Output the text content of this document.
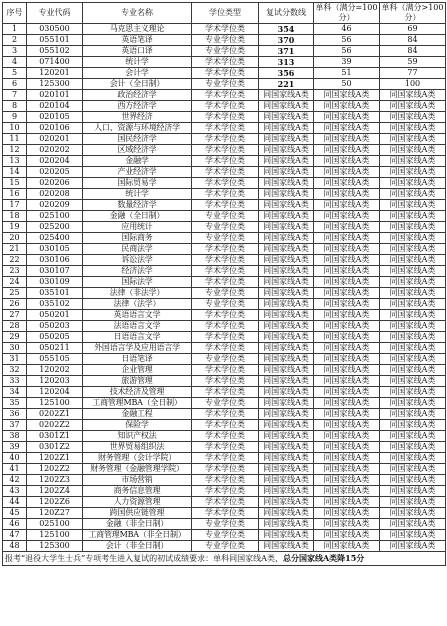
序号	专业代码	专业名称	学位类型	复试分数线	单科（满分=100分）	单科（满分>100分）
1	030500	马克思主义理论	学术学位类	354	46	69
2	055101	英语笔译	专业学位类	370	56	84
3	055102	英语口译	专业学位类	371	56	84
4	071400	统计学	学术学位类	313	39	59
5	120201	会计学	学术学位类	356	51	77
6	125300	会计（全日制）	专业学位类	221	50	100
7	020101	政治经济学	学术学位类	同国家线A类	同国家线A类	同国家线A类
8	020104	西方经济学	学术学位类	同国家线A类	同国家线A类	同国家线A类
9	020105	世界经济	学术学位类	同国家线A类	同国家线A类	同国家线A类
10	020106	人口、资源与环境经济学	学术学位类	同国家线A类	同国家线A类	同国家线A类
11	020201	国民经济学	学术学位类	同国家线A类	同国家线A类	同国家线A类
12	020202	区域经济学	学术学位类	同国家线A类	同国家线A类	同国家线A类
13	020204	金融学	学术学位类	同国家线A类	同国家线A类	同国家线A类
14	020205	产业经济学	学术学位类	同国家线A类	同国家线A类	同国家线A类
15	020206	国际贸易学	学术学位类	同国家线A类	同国家线A类	同国家线A类
16	020208	统计学	学术学位类	同国家线A类	同国家线A类	同国家线A类
17	020209	数量经济学	学术学位类	同国家线A类	同国家线A类	同国家线A类
18	025100	金融（全日制）	专业学位类	同国家线A类	同国家线A类	同国家线A类
19	025200	应用统计	专业学位类	同国家线A类	同国家线A类	同国家线A类
20	025400	国际商务	专业学位类	同国家线A类	同国家线A类	同国家线A类
21	030105	民商法学	学术学位类	同国家线A类	同国家线A类	同国家线A类
22	030106	诉讼法学	学术学位类	同国家线A类	同国家线A类	同国家线A类
23	030107	经济法学	学术学位类	同国家线A类	同国家线A类	同国家线A类
24	030109	国际法学	学术学位类	同国家线A类	同国家线A类	同国家线A类
25	035101	法律（非法学）	专业学位类	同国家线A类	同国家线A类	同国家线A类
26	035102	法律（法学）	专业学位类	同国家线A类	同国家线A类	同国家线A类
27	050201	英语语言文学	学术学位类	同国家线A类	同国家线A类	同国家线A类
28	050203	法语语言文学	学术学位类	同国家线A类	同国家线A类	同国家线A类
29	050205	日语语言文学	学术学位类	同国家线A类	同国家线A类	同国家线A类
30	050211	外国语言学及应用语言学	学术学位类	同国家线A类	同国家线A类	同国家线A类
31	055105	日语笔译	专业学位类	同国家线A类	同国家线A类	同国家线A类
32	120202	企业管理	学术学位类	同国家线A类	同国家线A类	同国家线A类
33	120203	旅游管理	学术学位类	同国家线A类	同国家线A类	同国家线A类
34	120204	技术经济及管理	学术学位类	同国家线A类	同国家线A类	同国家线A类
35	125100	工商管理MBA（全日制）	专业学位类	同国家线A类	同国家线A类	同国家线A类
36	0202Z1	金融工程	学术学位类	同国家线A类	同国家线A类	同国家线A类
37	0202Z2	保险学	学术学位类	同国家线A类	同国家线A类	同国家线A类
38	0301Z1	知识产权法	学术学位类	同国家线A类	同国家线A类	同国家线A类
39	0301Z2	世界贸易组织法	学术学位类	同国家线A类	同国家线A类	同国家线A类
40	1202Z1	财务管理（会计学院）	学术学位类	同国家线A类	同国家线A类	同国家线A类
41	1202Z2	财务管理（金融管理学院）	学术学位类	同国家线A类	同国家线A类	同国家线A类
42	1202Z3	市场营销	学术学位类	同国家线A类	同国家线A类	同国家线A类
43	1202Z4	商务信息管理	学术学位类	同国家线A类	同国家线A类	同国家线A类
44	1202Z6	人力资源管理	学术学位类	同国家线A类	同国家线A类	同国家线A类
45	120Z27	跨国供应链管理	学术学位类	同国家线A类	同国家线A类	同国家线A类
46	025100	金融（非全日制）	专业学位类	同国家线A类	同国家线A类	同国家线A类
47	125100	工商管理MBA（非全日制）	专业学位类	同国家线A类	同国家线A类	同国家线A类
48	125300	会计（非全日制）	专业学位类	同国家线A类	同国家线A类	同国家线A类
报考“退役大学生士兵”专项考生进入复试的初试成绩要求：单科同国家线A类，总分国家线A类降15分						
